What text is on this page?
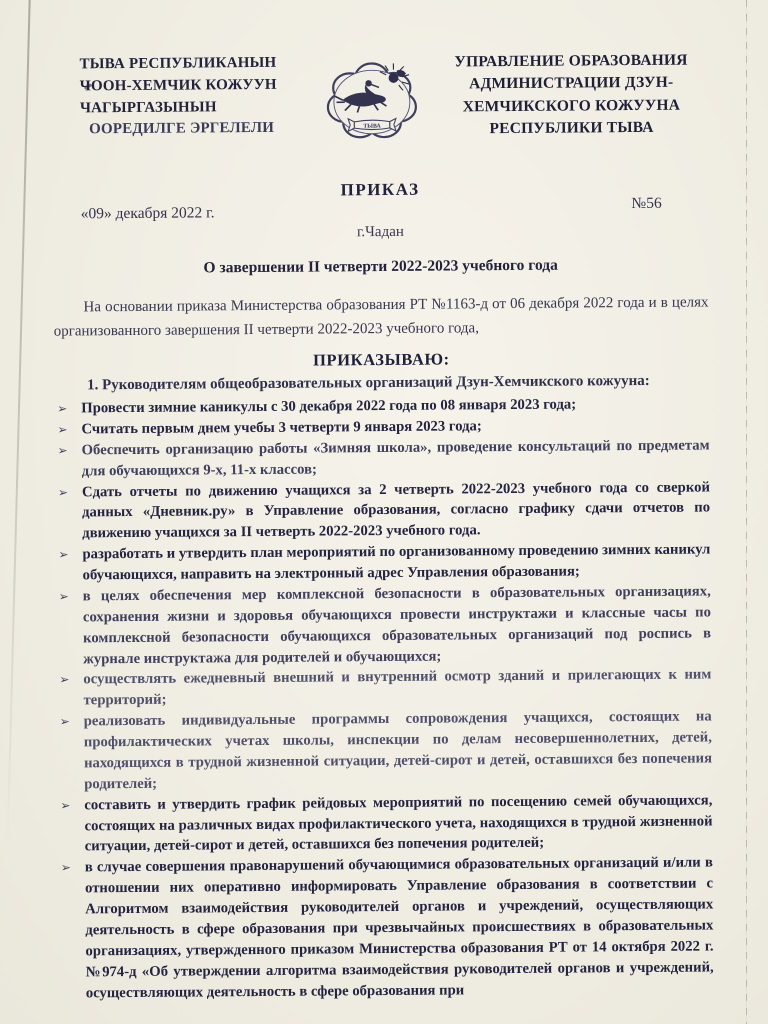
ТЫВА РЕСПУБЛИКАНЫН
ЧООН-ХЕМЧИК КОЖУУН
ЧАГЫРГАЗЫНЫН
ООРЕДИЛГЕ ЭРГЕЛЕЛИ	ТЫВА
УПРАВЛЕНИЕ ОБРАЗОВАНИЯ
АДМИНИСТРАЦИИ ДЗУН-
ХЕМЧИКСКОГО КОЖУУНА
РЕСПУБЛИКИ ТЫВА
ПРИКАЗ
«09» декабря 2022 г.
№56
г.Чадан
О завершении II четверти 2022-2023 учебного года

На основании приказа Министерства образования РТ №1163-д от 06 декабря 2022 года и в целях организованного завершения II четверти 2022-2023 учебного года,

ПРИКАЗЫВАЮ:

1. Руководителям общеобразовательных организаций Дзун-Хемчикского кожууна:

➢ Провести зимние каникулы с 30 декабря 2022 года по 08 января 2023 года;
➢ Считать первым днем учебы 3 четверти 9 января 2023 года;
➢ Обеспечить организацию работы «Зимняя школа», проведение консультаций по предметам для обучающихся 9-х, 11-х классов;
➢ Сдать отчеты по движению учащихся за 2 четверть 2022-2023 учебного года со сверкой данных «Дневник.ру» в Управление образования, согласно графику сдачи отчетов по движению учащихся за II четверть 2022-2023 учебного года.
➢ разработать и утвердить план мероприятий по организованному проведению зимних каникул обучающихся, направить на электронный адрес Управления образования;
➢ в целях обеспечения мер комплексной безопасности в образовательных организациях, сохранения жизни и здоровья обучающихся провести инструктажи и классные часы по комплексной безопасности обучающихся образовательных организаций под роспись в журнале инструктажа для родителей и обучающихся;
➢ осуществлять ежедневный внешний и внутренний осмотр зданий и прилегающих к ним территорий;
➢ реализовать индивидуальные программы сопровождения учащихся, состоящих на профилактических учетах школы, инспекции по делам несовершеннолетних, детей, находящихся в трудной жизненной ситуации, детей-сирот и детей, оставшихся без попечения родителей;
➢ составить и утвердить график рейдовых мероприятий по посещению семей обучающихся, состоящих на различных видах профилактического учета, находящихся в трудной жизненной ситуации, детей-сирот и детей, оставшихся без попечения родителей;
➢ в случае совершения правонарушений обучающимися образовательных организаций и/или в отношении них оперативно информировать Управление образования в соответствии с Алгоритмом взаимодействия руководителей органов и учреждений, осуществляющих деятельность в сфере образования при чрезвычайных происшествиях в образовательных организациях, утвержденного приказом Министерства образования РТ от 14 октября 2022 г. №974-д «Об утверждении алгоритма взаимодействия руководителей органов и учреждений, осуществляющих деятельность в сфере образования при
